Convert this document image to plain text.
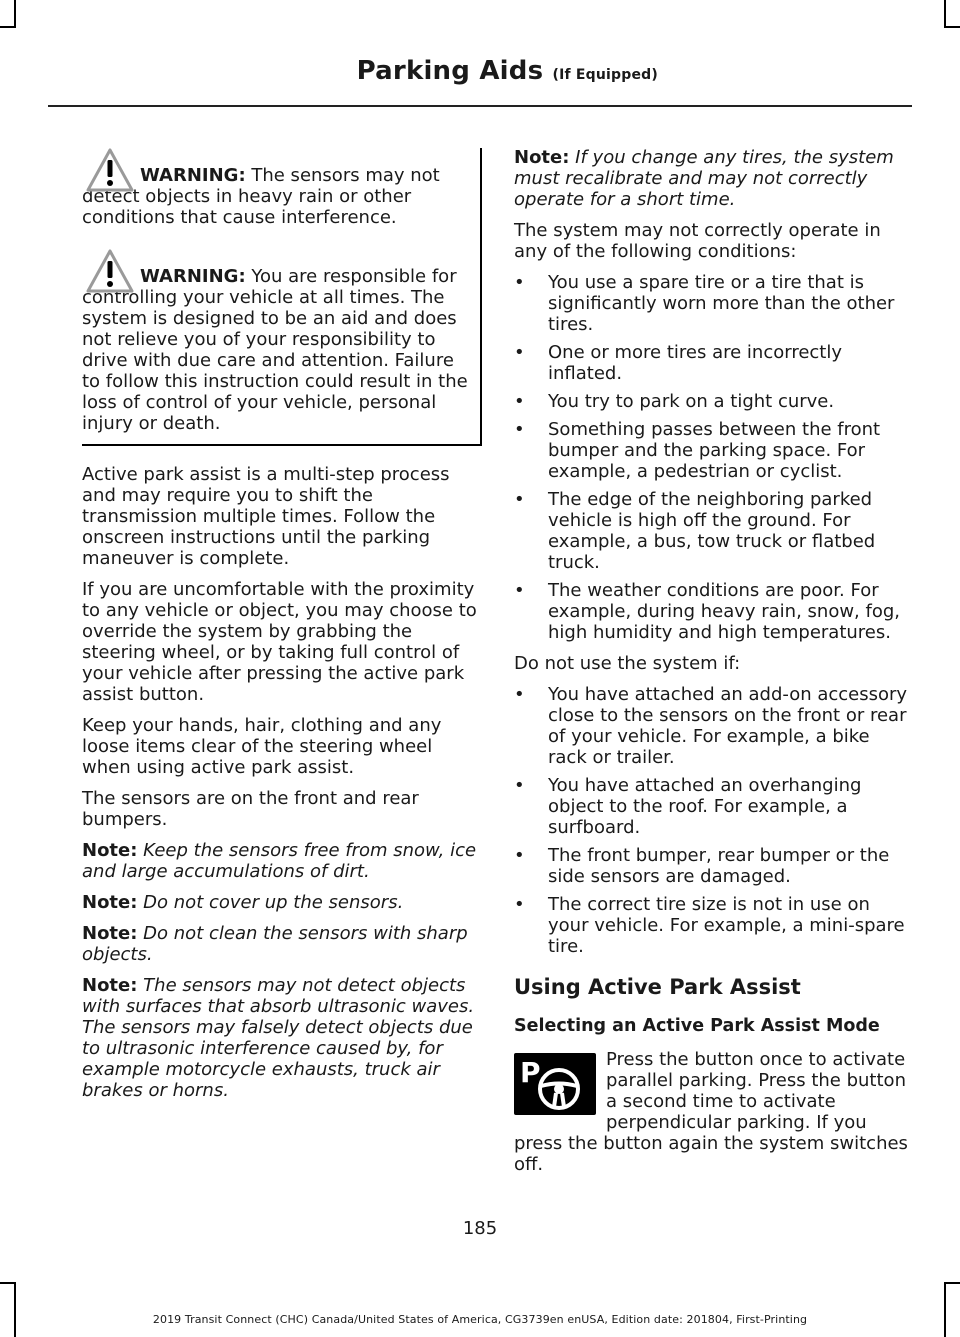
Parking Aids (If Equipped)

WARNING: The sensors may not detect objects in heavy rain or other conditions that cause interference.

WARNING: You are responsible for controlling your vehicle at all times. The system is designed to be an aid and does not relieve you of your responsibility to drive with due care and attention. Failure to follow this instruction could result in the loss of control of your vehicle, personal injury or death.

Active park assist is a multi-step process and may require you to shift the transmission multiple times. Follow the onscreen instructions until the parking maneuver is complete.

If you are uncomfortable with the proximity to any vehicle or object, you may choose to override the system by grabbing the steering wheel, or by taking full control of your vehicle after pressing the active park assist button.

Keep your hands, hair, clothing and any loose items clear of the steering wheel when using active park assist.

The sensors are on the front and rear bumpers.

Note: Keep the sensors free from snow, ice and large accumulations of dirt.

Note: Do not cover up the sensors.

Note: Do not clean the sensors with sharp objects.

Note: The sensors may not detect objects with surfaces that absorb ultrasonic waves. The sensors may falsely detect objects due to ultrasonic interference caused by, for example motorcycle exhausts, truck air brakes or horns.

Note: If you change any tires, the system must recalibrate and may not correctly operate for a short time.

The system may not correctly operate in any of the following conditions:

• You use a spare tire or a tire that is significantly worn more than the other tires.
• One or more tires are incorrectly inflated.
• You try to park on a tight curve.
• Something passes between the front bumper and the parking space. For example, a pedestrian or cyclist.
• The edge of the neighboring parked vehicle is high off the ground. For example, a bus, tow truck or flatbed truck.
• The weather conditions are poor. For example, during heavy rain, snow, fog, high humidity and high temperatures.

Do not use the system if:

• You have attached an add-on accessory close to the sensors on the front or rear of your vehicle. For example, a bike rack or trailer.
• You have attached an overhanging object to the roof. For example, a surfboard.
• The front bumper, rear bumper or the side sensors are damaged.
• The correct tire size is not in use on your vehicle. For example, a mini-spare tire.
Using Active Park Assist
Selecting an Active Park Assist Mode

P	Press the button once to activate parallel parking. Press the button a second time to activate perpendicular parking. If you press the button again the system switches off.

185
2019 Transit Connect (CHC) Canada/United States of America, CG3739en enUSA, Edition date: 201804, First-Printing
